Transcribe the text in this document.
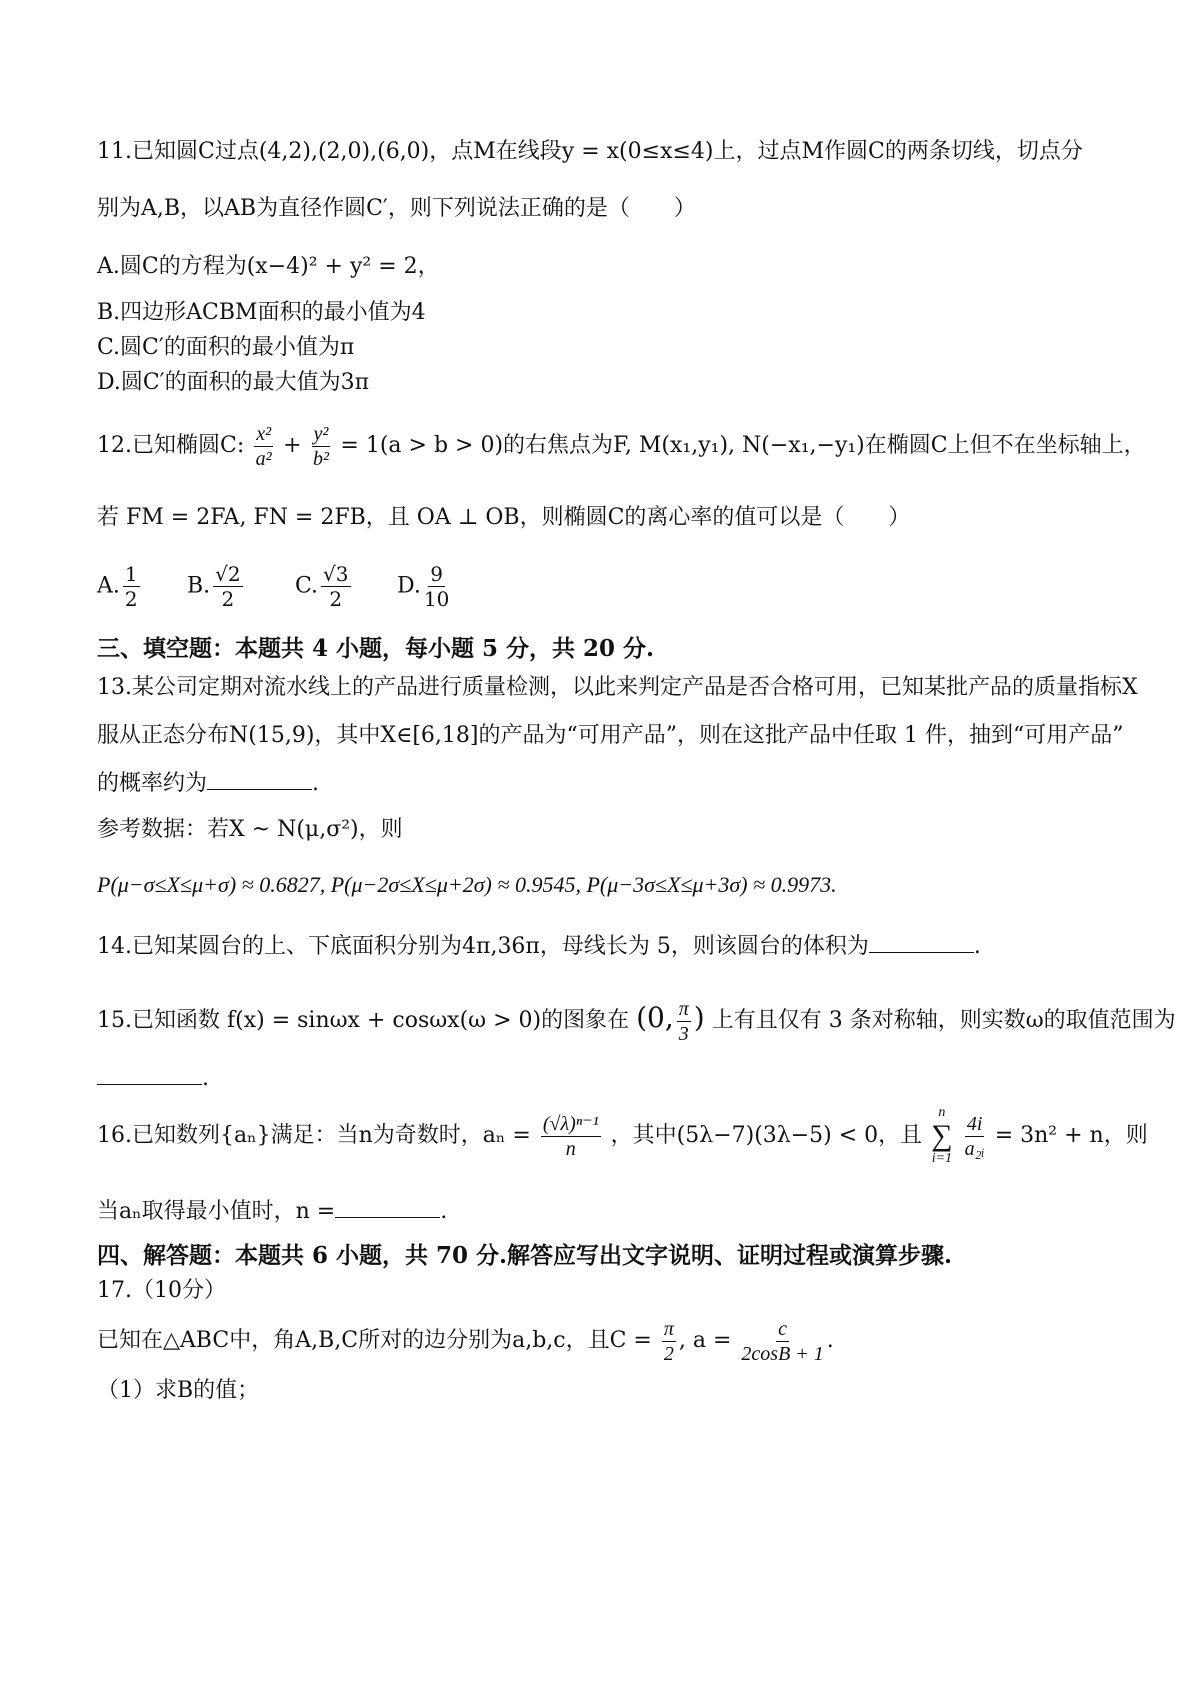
11.已知圆C过点(4,2),(2,0),(6,0)，点M在线段y = x(0≤x≤4)上，过点M作圆C的两条切线，切点分
别为A,B，以AB为直径作圆C′，则下列说法正确的是（　　）
A.圆C的方程为(x−4)² + y² = 2，
B.四边形ACBM面积的最小值为4
C.圆C′的面积的最小值为π
D.圆C′的面积的最大值为3π
12.已知椭圆C: $\frac{\text{x²}}{\text{a²}} + \frac{\text{y²}}{\text{b²}} = 1(a > b > 0)$的右焦点为F, M(x₁,y₁), N(−x₁,−y₁)在椭圆C上但不在坐标轴上，
若 FM = 2FA, FN = 2FB，且 OA ⊥ OB，则椭圆C的离心率的值可以是（　　）
A. $\frac{1}{2} B$. $\frac{√2}{2} C$. $\frac{√3}{2} D$. $\frac{9}{10}$
三、填空题：本题共 4 小题，每小题 5 分，共 20 分.
13.某公司定期对流水线上的产品进行质量检测，以此来判定产品是否合格可用，已知某批产品的质量指标X
服从正态分布N(15,9)，其中X∈[6,18]的产品为“可用产品”，则在这批产品中任取 1 件，抽到“可用产品”
的概率约为	.
参考数据：若X ~ N(μ,σ²)，则
P(μ−σ≤X≤μ+σ) ≈ 0.6827, P(μ−2σ≤X≤μ+2σ) ≈ 0.9545, P(μ−3σ≤X≤μ+3σ) ≈ 0.9973.
14.已知某圆台的上、下底面积分别为4π,36π，母线长为 5，则该圆台的体积为	.
15.已知函数 f(x) = sinωx + cosωx(ω > 0)的图象在 (0, $\frac{\pi}{3}$ ) 上有且仅有 3 条对称轴，则实数ω的取值范围为
.
16.已知数列{aₙ}满足：当n为奇数时，$a_n = \frac{\text{(√λ)ⁿ⁻¹}}{n}$ ，其中(5λ−7)(3λ−5) < 0，且
n
∑
i=1
$\frac{4i}{\text{a₂ᵢ}} = 3n^2 + n$，则
当aₙ取得最小值时，n =	.
四、解答题：本题共 6 小题，共 70 分.解答应写出文字说明、证明过程或演算步骤.
17.（10分）
已知在△ABC中，角A,B,C所对的边分别为a,b,c，且$C = \frac{\pi}{2}$ , $a = \frac{c}{2\cos B + 1}$ .
（1）求B的值；
